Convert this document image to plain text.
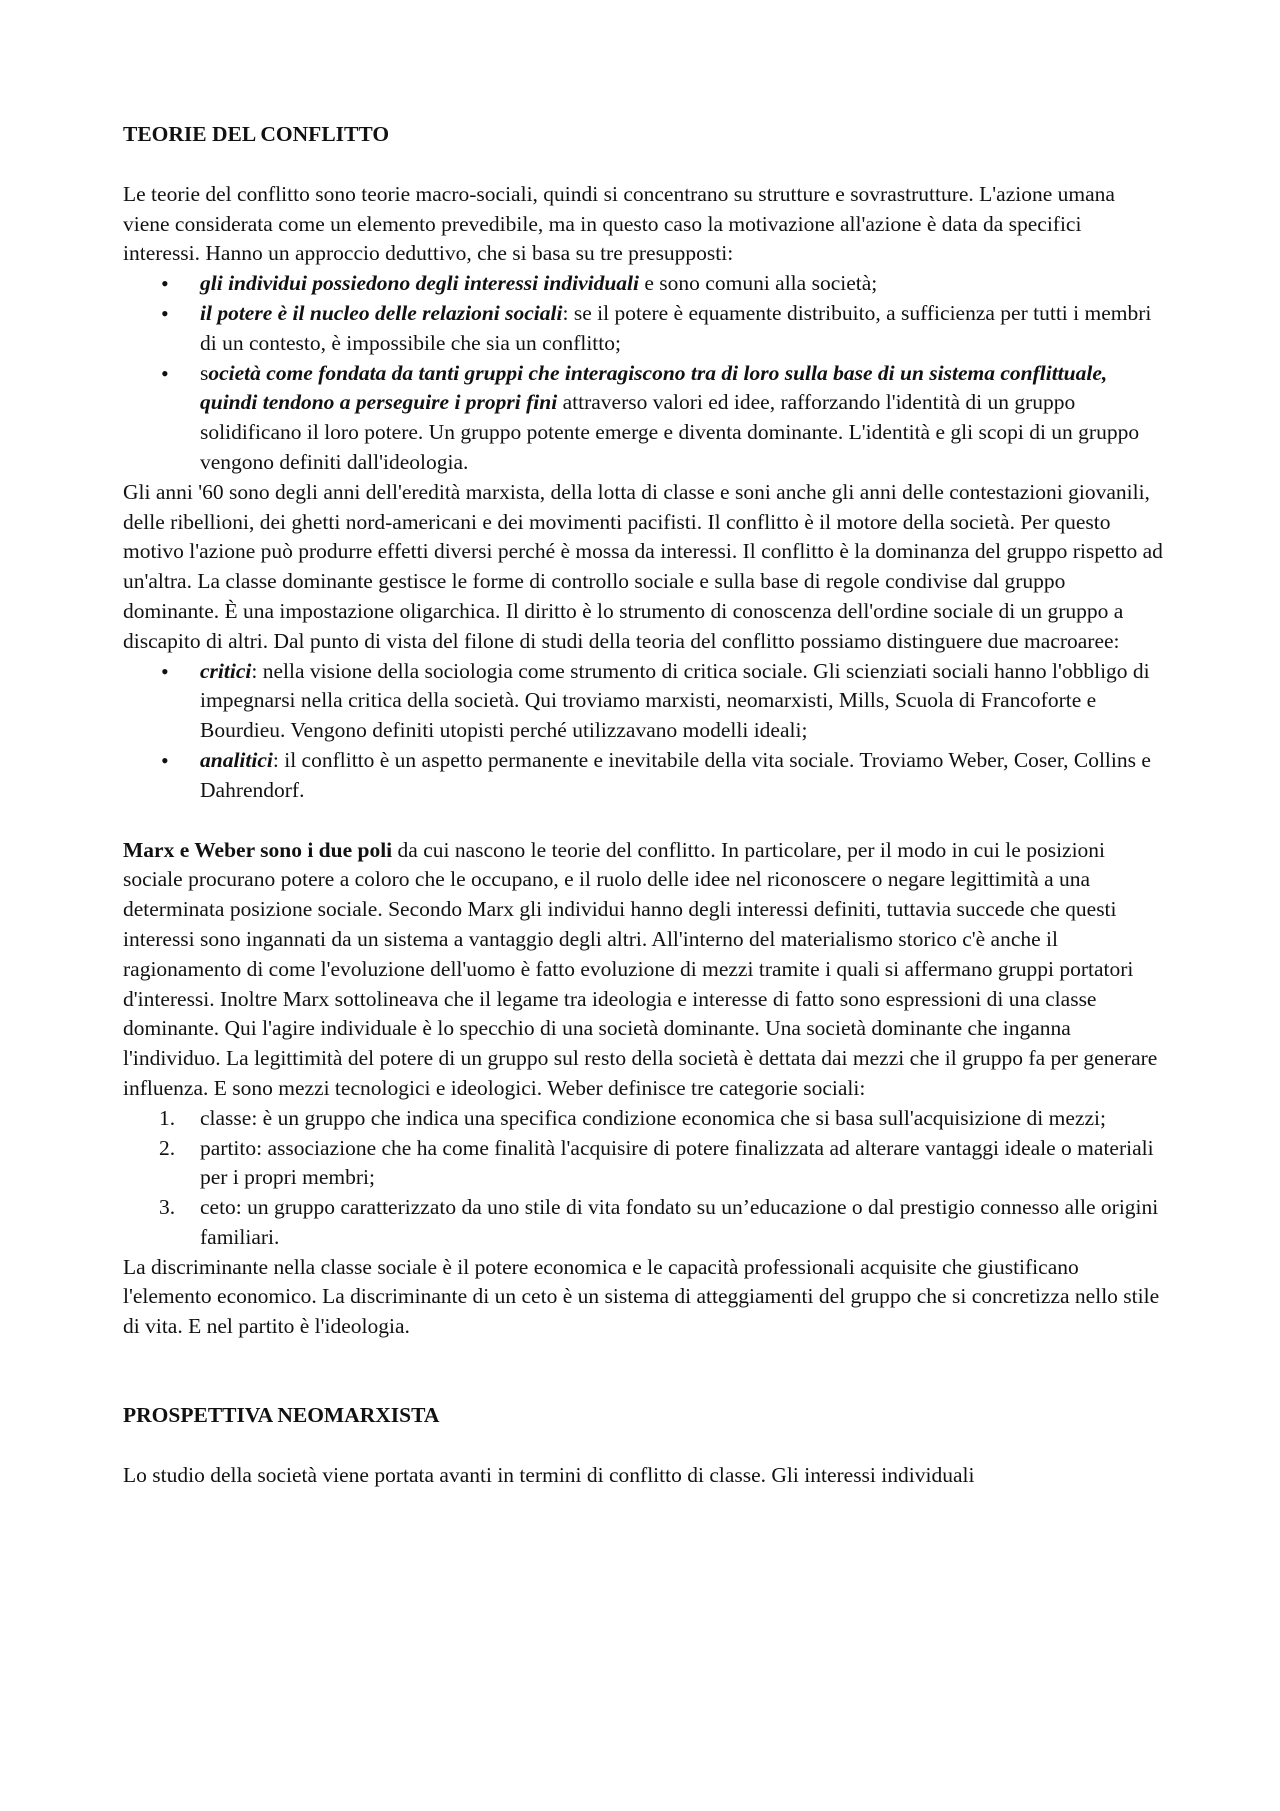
TEORIE DEL CONFLITTO

Le teorie del conflitto sono teorie macro-sociali, quindi si concentrano su strutture e sovrastrutture. L'azione umana viene considerata come un elemento prevedibile, ma in questo caso la motivazione all'azione è data da specifici interessi. Hanno un approccio deduttivo, che si basa su tre presupposti:

• gli individui possiedono degli interessi individuali e sono comuni alla società;
• il potere è il nucleo delle relazioni sociali: se il potere è equamente distribuito, a sufficienza per tutti i membri di un contesto, è impossibile che sia un conflitto;
• società come fondata da tanti gruppi che interagiscono tra di loro sulla base di un sistema conflittuale, quindi tendono a perseguire i propri fini attraverso valori ed idee, rafforzando l'identità di un gruppo solidificano il loro potere. Un gruppo potente emerge e diventa dominante. L'identità e gli scopi di un gruppo vengono definiti dall'ideologia.

Gli anni '60 sono degli anni dell'eredità marxista, della lotta di classe e soni anche gli anni delle contestazioni giovanili, delle ribellioni, dei ghetti nord-americani e dei movimenti pacifisti. Il conflitto è il motore della società. Per questo motivo l'azione può produrre effetti diversi perché è mossa da interessi. Il conflitto è la dominanza del gruppo rispetto ad un'altra. La classe dominante gestisce le forme di controllo sociale e sulla base di regole condivise dal gruppo dominante. È una impostazione oligarchica. Il diritto è lo strumento di conoscenza dell'ordine sociale di un gruppo a discapito di altri. Dal punto di vista del filone di studi della teoria del conflitto possiamo distinguere due macroaree:

• critici: nella visione della sociologia come strumento di critica sociale. Gli scienziati sociali hanno l'obbligo di impegnarsi nella critica della società. Qui troviamo marxisti, neomarxisti, Mills, Scuola di Francoforte e Bourdieu. Vengono definiti utopisti perché utilizzavano modelli ideali;
• analitici: il conflitto è un aspetto permanente e inevitabile della vita sociale. Troviamo Weber, Coser, Collins e Dahrendorf.

Marx e Weber sono i due poli da cui nascono le teorie del conflitto. In particolare, per il modo in cui le posizioni sociale procurano potere a coloro che le occupano, e il ruolo delle idee nel riconoscere o negare legittimità a una determinata posizione sociale. Secondo Marx gli individui hanno degli interessi definiti, tuttavia succede che questi interessi sono ingannati da un sistema a vantaggio degli altri. All'interno del materialismo storico c'è anche il ragionamento di come l'evoluzione dell'uomo è fatto evoluzione di mezzi tramite i quali si affermano gruppi portatori d'interessi. Inoltre Marx sottolineava che il legame tra ideologia e interesse di fatto sono espressioni di una classe dominante. Qui l'agire individuale è lo specchio di una società dominante. Una società dominante che inganna l'individuo. La legittimità del potere di un gruppo sul resto della società è dettata dai mezzi che il gruppo fa per generare influenza. E sono mezzi tecnologici e ideologici. Weber definisce tre categorie sociali:

1. classe: è un gruppo che indica una specifica condizione economica che si basa sull'acquisizione di mezzi;
2. partito: associazione che ha come finalità l'acquisire di potere finalizzata ad alterare vantaggi ideale o materiali per i propri membri;
3. ceto: un gruppo caratterizzato da uno stile di vita fondato su un’educazione o dal prestigio connesso alle origini familiari.

La discriminante nella classe sociale è il potere economica e le capacità professionali acquisite che giustificano l'elemento economico. La discriminante di un ceto è un sistema di atteggiamenti del gruppo che si concretizza nello stile di vita. E nel partito è l'ideologia.

PROSPETTIVA NEOMARXISTA

Lo studio della società viene portata avanti in termini di conflitto di classe. Gli interessi individuali
